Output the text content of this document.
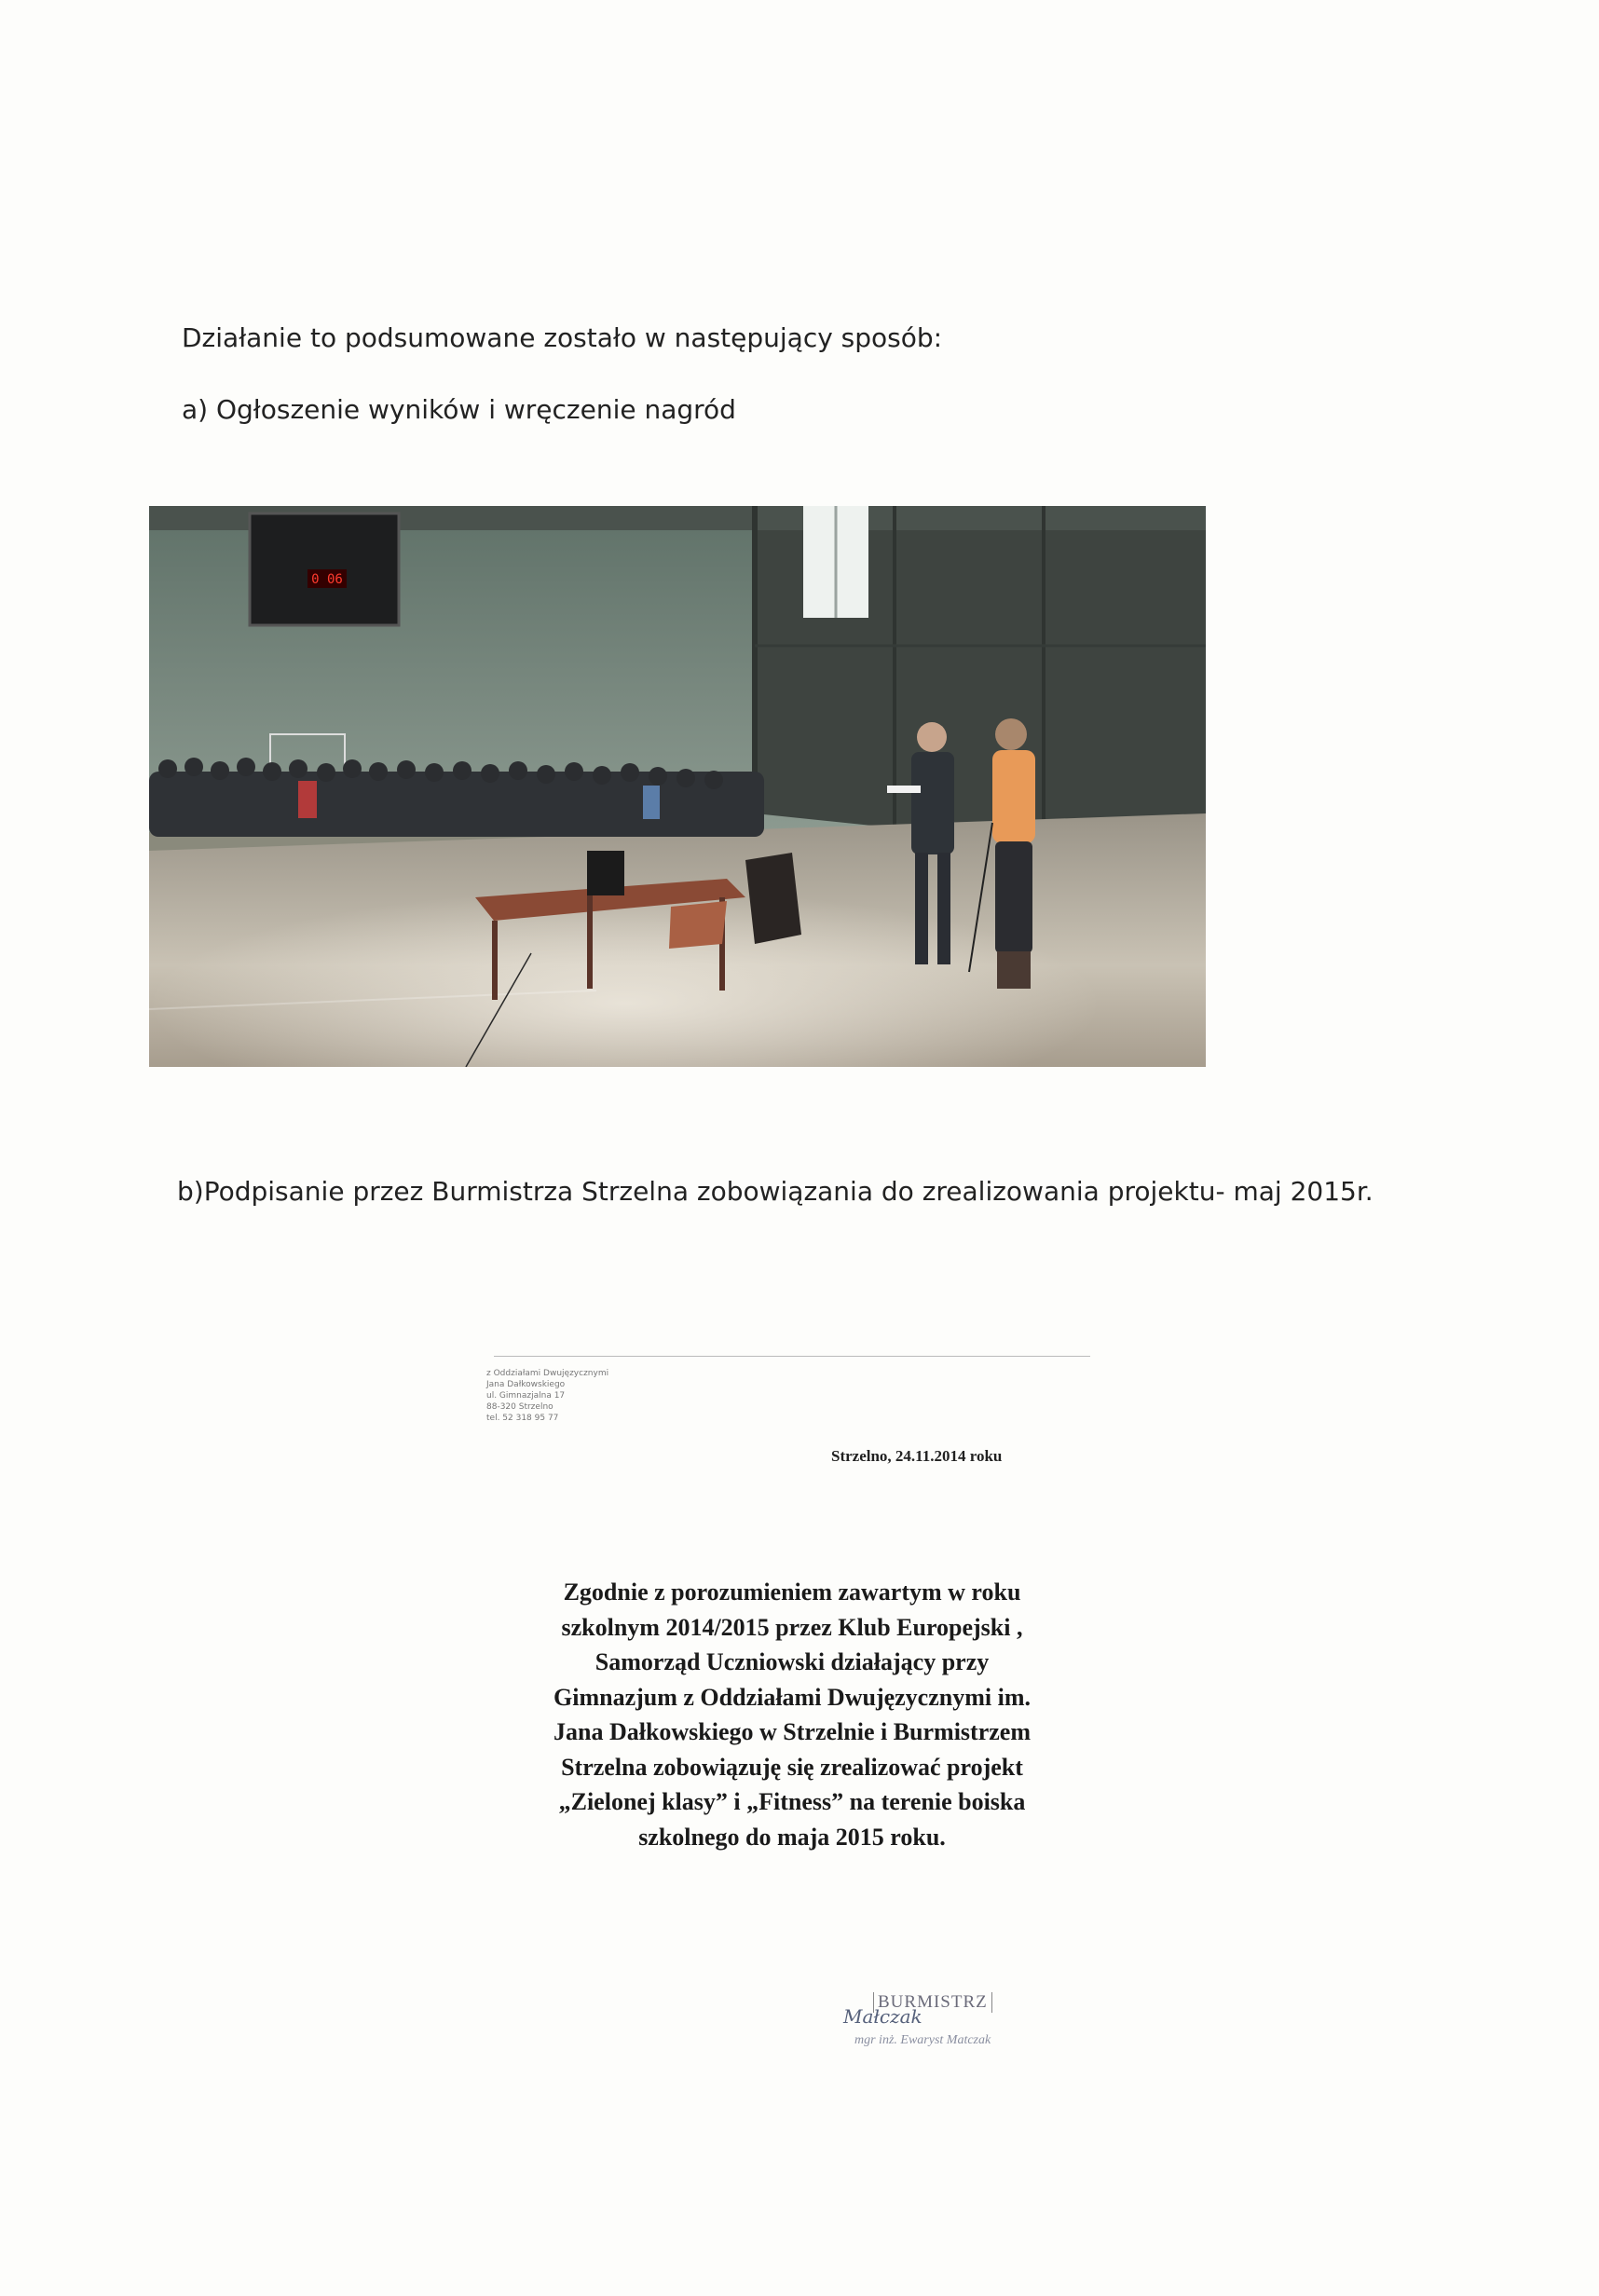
Działanie to podsumowane zostało w następujący sposób:
a) Ogłoszenie wyników i wręczenie nagród
0 06
b)Podpisanie przez Burmistrza Strzelna zobowiązania do zrealizowania projektu- maj 2015r.
z Oddziałami Dwujęzycznymi
Jana Dałkowskiego
ul. Gimnazjalna 17
88-320 Strzelno
tel. 52 318 95 77
Strzelno, 24.11.2014 roku
Zgodnie z porozumieniem zawartym w roku
szkolnym 2014/2015 przez Klub Europejski ,
Samorząd Uczniowski działający przy
Gimnazjum z Oddziałami Dwujęzycznymi im.
Jana Dałkowskiego w Strzelnie i Burmistrzem
Strzelna zobowiązuję się zrealizować projekt
„Zielonej klasy” i „Fitness” na terenie boiska
szkolnego do maja 2015 roku.
BURMISTRZ
Małczak
mgr inż. Ewaryst Matczak
